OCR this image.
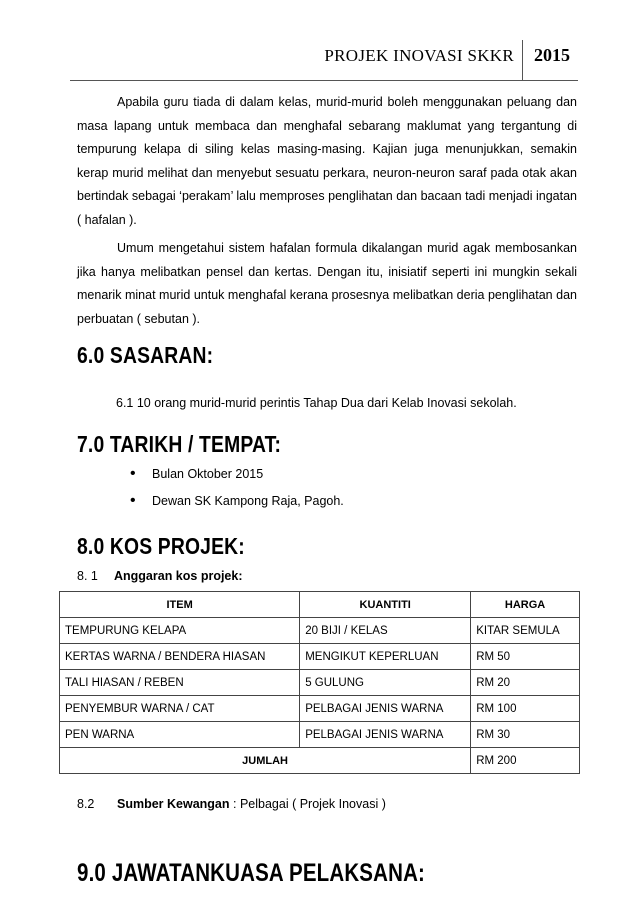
PROJEK INOVASI SKKR 2015

Apabila guru tiada di dalam kelas, murid-murid boleh menggunakan peluang dan masa lapang untuk membaca dan menghafal sebarang maklumat yang tergantung di tempurung kelapa di siling kelas masing-masing. Kajian juga menunjukkan, semakin kerap murid melihat dan menyebut sesuatu perkara, neuron-neuron saraf pada otak akan bertindak sebagai ‘perakam’ lalu memproses penglihatan dan bacaan tadi menjadi ingatan ( hafalan ).

Umum mengetahui sistem hafalan formula dikalangan murid agak membosankan jika hanya melibatkan pensel dan kertas. Dengan itu, inisiatif seperti ini mungkin sekali menarik minat murid untuk menghafal kerana prosesnya melibatkan deria penglihatan dan perbuatan ( sebutan ).

6.0 SASARAN:
6.1 10 orang murid-murid perintis Tahap Dua dari Kelab Inovasi sekolah.
7.0 TARIKH / TEMPAT:
• Bulan Oktober 2015
• Dewan SK Kampong Raja, Pagoh.
8.0 KOS PROJEK:
8. 1 Anggaran kos projek:
ITEM	KUANTITI	HARGA
TEMPURUNG KELAPA	20 BIJI / KELAS	KITAR SEMULA
KERTAS WARNA / BENDERA HIASAN	MENGIKUT KEPERLUAN	RM 50
TALI HIASAN / REBEN	5 GULUNG	RM 20
PENYEMBUR WARNA / CAT	PELBAGAI JENIS WARNA	RM 100
PEN WARNA	PELBAGAI JENIS WARNA	RM 30
JUMLAH		RM 200
8.2 Sumber Kewangan : Pelbagai ( Projek Inovasi )
9.0 JAWATANKUASA PELAKSANA:
